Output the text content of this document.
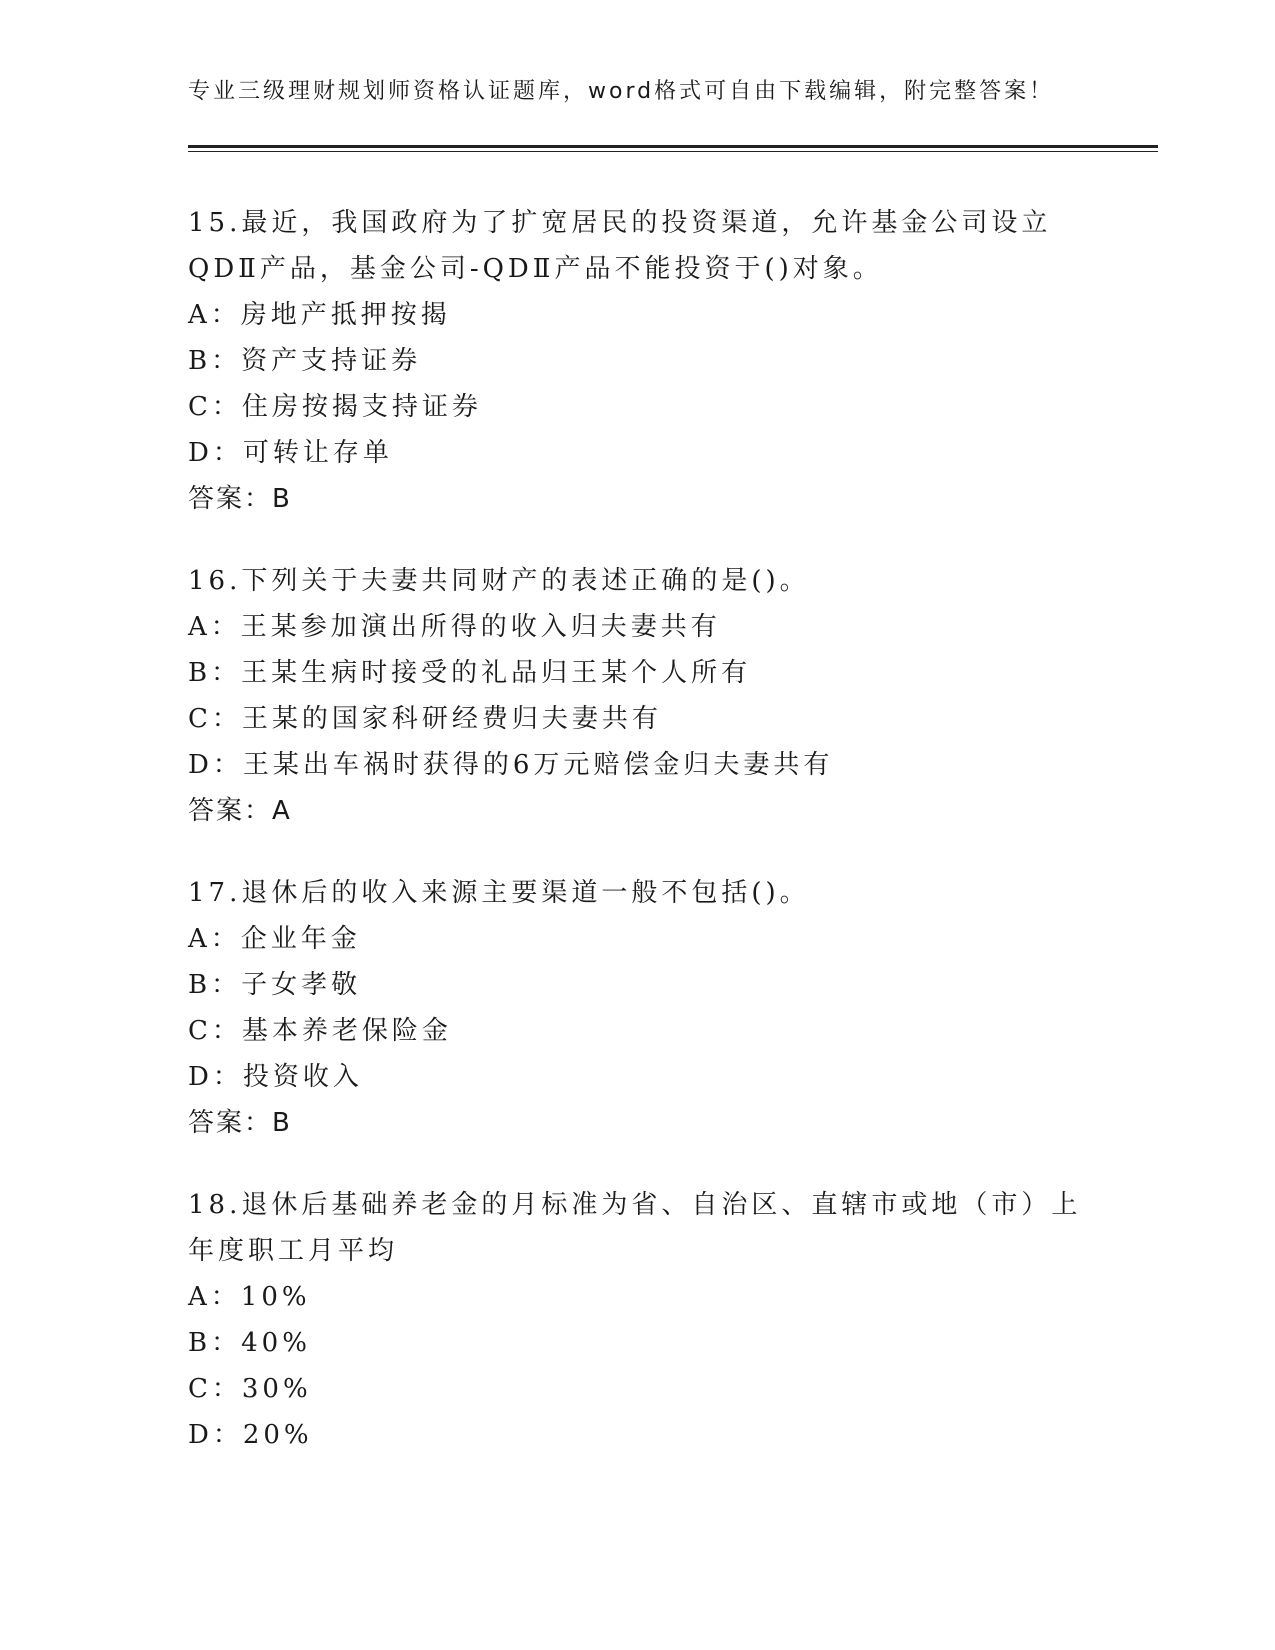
专业三级理财规划师资格认证题库，word格式可自由下载编辑，附完整答案！
15.最近，我国政府为了扩宽居民的投资渠道，允许基金公司设立QDⅡ产品，基金公司-QDⅡ产品不能投资于()对象。
A：房地产抵押按揭
B：资产支持证券
C：住房按揭支持证券
D：可转让存单
答案：B
16.下列关于夫妻共同财产的表述正确的是()。
A：王某参加演出所得的收入归夫妻共有
B：王某生病时接受的礼品归王某个人所有
C：王某的国家科研经费归夫妻共有
D：王某出车祸时获得的6万元赔偿金归夫妻共有
答案：A
17.退休后的收入来源主要渠道一般不包括()。
A：企业年金
B：子女孝敬
C：基本养老保险金
D：投资收入
答案：B
18.退休后基础养老金的月标准为省、自治区、直辖市或地（市）上年度职工月平均
A：10%
B：40%
C：30%
D：20%
